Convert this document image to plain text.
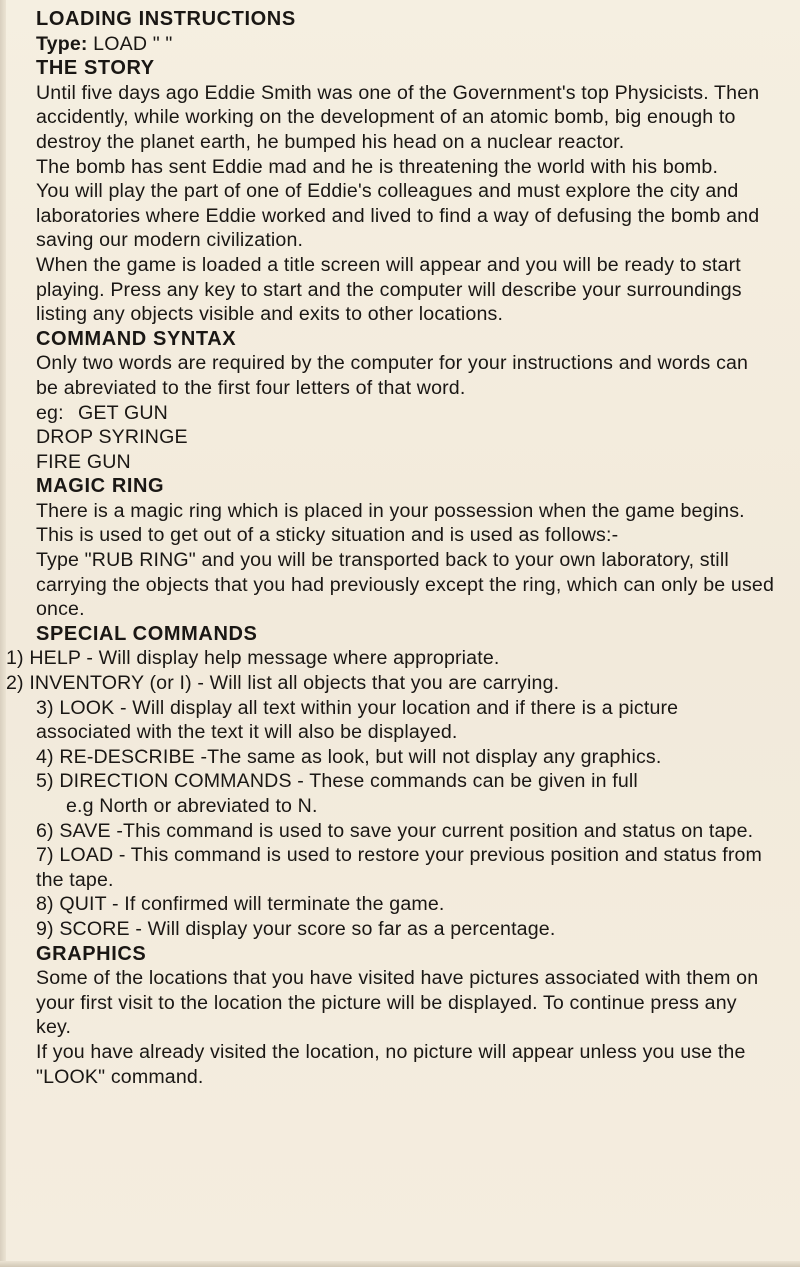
LOADING INSTRUCTIONS

Type: LOAD " "

THE STORY

Until five days ago Eddie Smith was one of the Government's top Physicists. Then accidently, while working on the development of an atomic bomb, big enough to destroy the planet earth, he bumped his head on a nuclear reactor.

The bomb has sent Eddie mad and he is threatening the world with his bomb.

You will play the part of one of Eddie's colleagues and must explore the city and laboratories where Eddie worked and lived to find a way of defusing the bomb and saving our modern civilization.

When the game is loaded a title screen will appear and you will be ready to start playing. Press any key to start and the computer will describe your surroundings listing any objects visible and exits to other locations.

COMMAND SYNTAX

Only two words are required by the computer for your instructions and words can be abreviated to the first four letters of that word.

eg: GET GUN

DROP SYRINGE

FIRE GUN

MAGIC RING

There is a magic ring which is placed in your possession when the game begins. This is used to get out of a sticky situation and is used as follows:-

Type "RUB RING" and you will be transported back to your own laboratory, still carrying the objects that you had previously except the ring, which can only be used once.

SPECIAL COMMANDS

1) HELP - Will display help message where appropriate.

2) INVENTORY (or I) - Will list all objects that you are carrying.

3) LOOK - Will display all text within your location and if there is a picture associated with the text it will also be displayed.

4) RE-DESCRIBE -The same as look, but will not display any graphics.

5) DIRECTION COMMANDS - These commands can be given in full

e.g North or abreviated to N.

6) SAVE -This command is used to save your current position and status on tape.

7) LOAD - This command is used to restore your previous position and status from the tape.

8) QUIT - If confirmed will terminate the game.

9) SCORE - Will display your score so far as a percentage.

GRAPHICS

Some of the locations that you have visited have pictures associated with them on your first visit to the location the picture will be displayed. To continue press any key.

If you have already visited the location, no picture will appear unless you use the "LOOK" command.
